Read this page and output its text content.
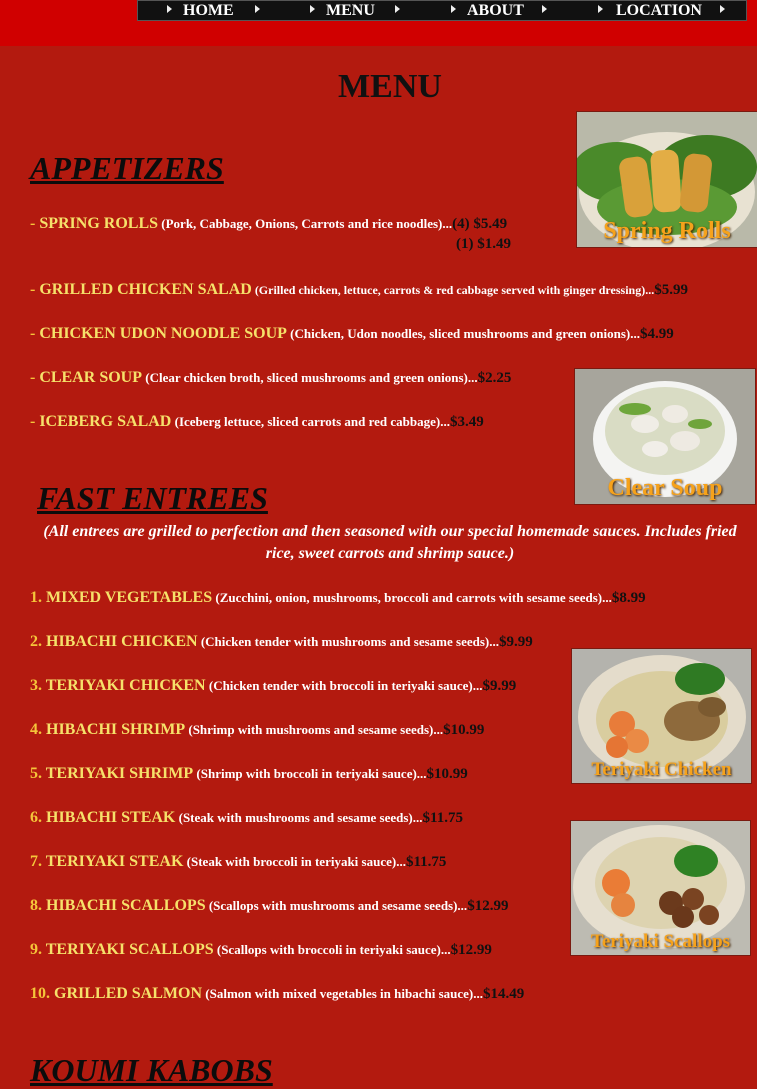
HOME	MENU	ABOUT	LOCATION
MENU
APPETIZERS
- SPRING ROLLS (Pork, Cabbage, Onions, Carrots and rice noodles)...(4) $5.49
(1) $1.49
- GRILLED CHICKEN SALAD (Grilled chicken, lettuce, carrots & red cabbage served with ginger dressing)...$5.99
- CHICKEN UDON NOODLE SOUP (Chicken, Udon noodles, sliced mushrooms and green onions)...$4.99
- CLEAR SOUP (Clear chicken broth, sliced mushrooms and green onions)...$2.25
- ICEBERG SALAD (Iceberg lettuce, sliced carrots and red cabbage)...$3.49
FAST ENTREES
(All entrees are grilled to perfection and then seasoned with our special homemade sauces. Includes fried rice, sweet carrots and shrimp sauce.)
1. MIXED VEGETABLES (Zucchini, onion, mushrooms, broccoli and carrots with sesame seeds)...$8.99
2. HIBACHI CHICKEN (Chicken tender with mushrooms and sesame seeds)...$9.99
3. TERIYAKI CHICKEN (Chicken tender with broccoli in teriyaki sauce)...$9.99
4. HIBACHI SHRIMP (Shrimp with mushrooms and sesame seeds)...$10.99
5. TERIYAKI SHRIMP (Shrimp with broccoli in teriyaki sauce)...$10.99
6. HIBACHI STEAK (Steak with mushrooms and sesame seeds)...$11.75
7. TERIYAKI STEAK (Steak with broccoli in teriyaki sauce)...$11.75
8. HIBACHI SCALLOPS (Scallops with mushrooms and sesame seeds)...$12.99
9. TERIYAKI SCALLOPS (Scallops with broccoli in teriyaki sauce)...$12.99
10. GRILLED SALMON (Salmon with mixed vegetables in hibachi sauce)...$14.49
KOUMI KABOBS
Spring Rolls
Clear Soup
Teriyaki Chicken
Teriyaki Scallops
